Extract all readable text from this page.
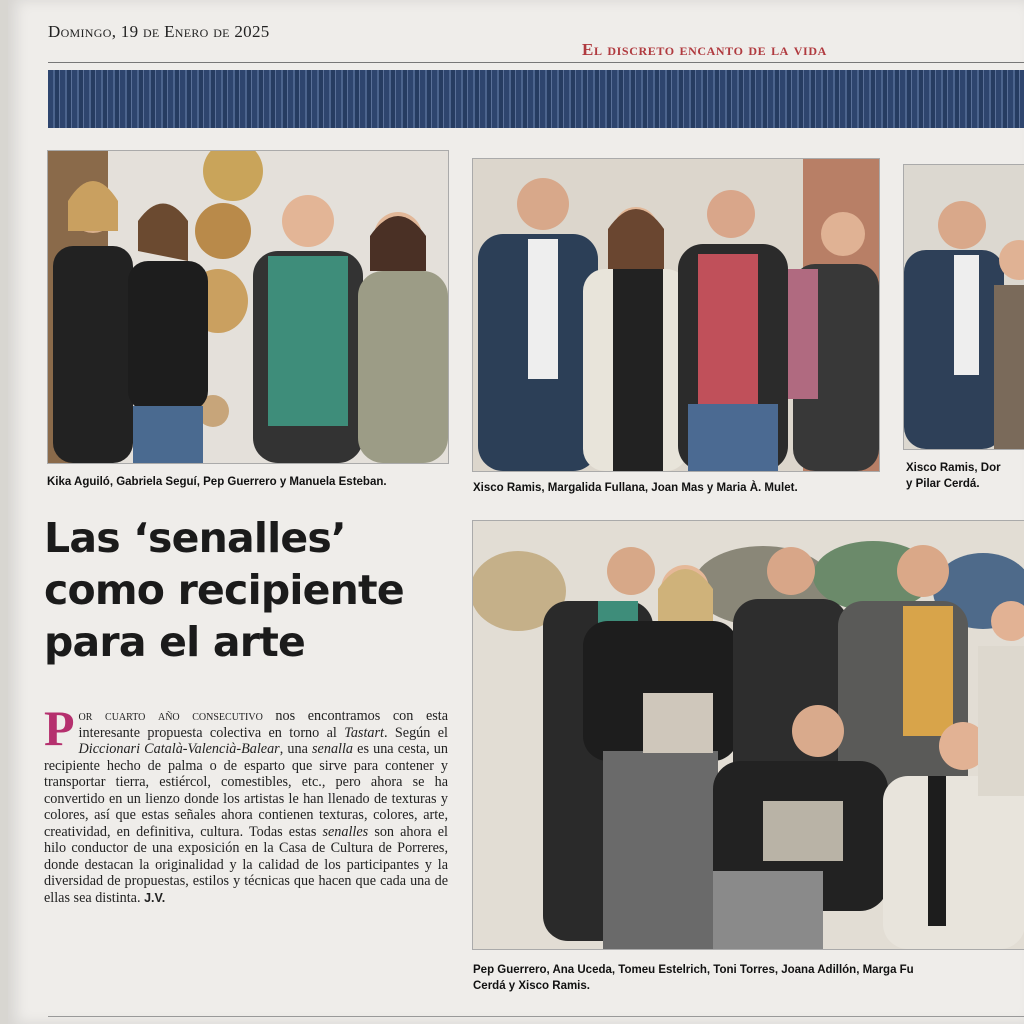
Domingo, 19 de Enero de 2025
El discreto encanto de la vida
Kika Aguiló, Gabriela Seguí, Pep Guerrero y Manuela Esteban.	Xisco Ramis, Margalida Fullana, Joan Mas y Maria À. Mulet.
Xisco Ramis, Dor
y Pilar Cerdá.
Las ‘senalles’
como recipiente
para el arte
Por cuarto año consecutivo nos encontramos con esta interesante propuesta colectiva en torno al Tastart. Según el Diccionari Català-Valencià-Balear, una senalla es una cesta, un recipiente hecho de palma o de esparto que sirve para contener y transportar tierra, estiércol, comestibles, etc., pero ahora se ha convertido en un lienzo donde los artistas le han llenado de texturas y colores, así que estas señales ahora contienen texturas, colores, arte, creatividad, en definitiva, cultura. Todas estas senalles son ahora el hilo conductor de una exposición en la Casa de Cultura de Porreres, donde destacan la originalidad y la calidad de los participantes y la diversidad de propuestas, estilos y técnicas que hacen que cada una de ellas sea distinta. J.V.
Pep Guerrero, Ana Uceda, Tomeu Estelrich, Toni Torres, Joana Adillón, Marga Fu
Cerdá y Xisco Ramis.
